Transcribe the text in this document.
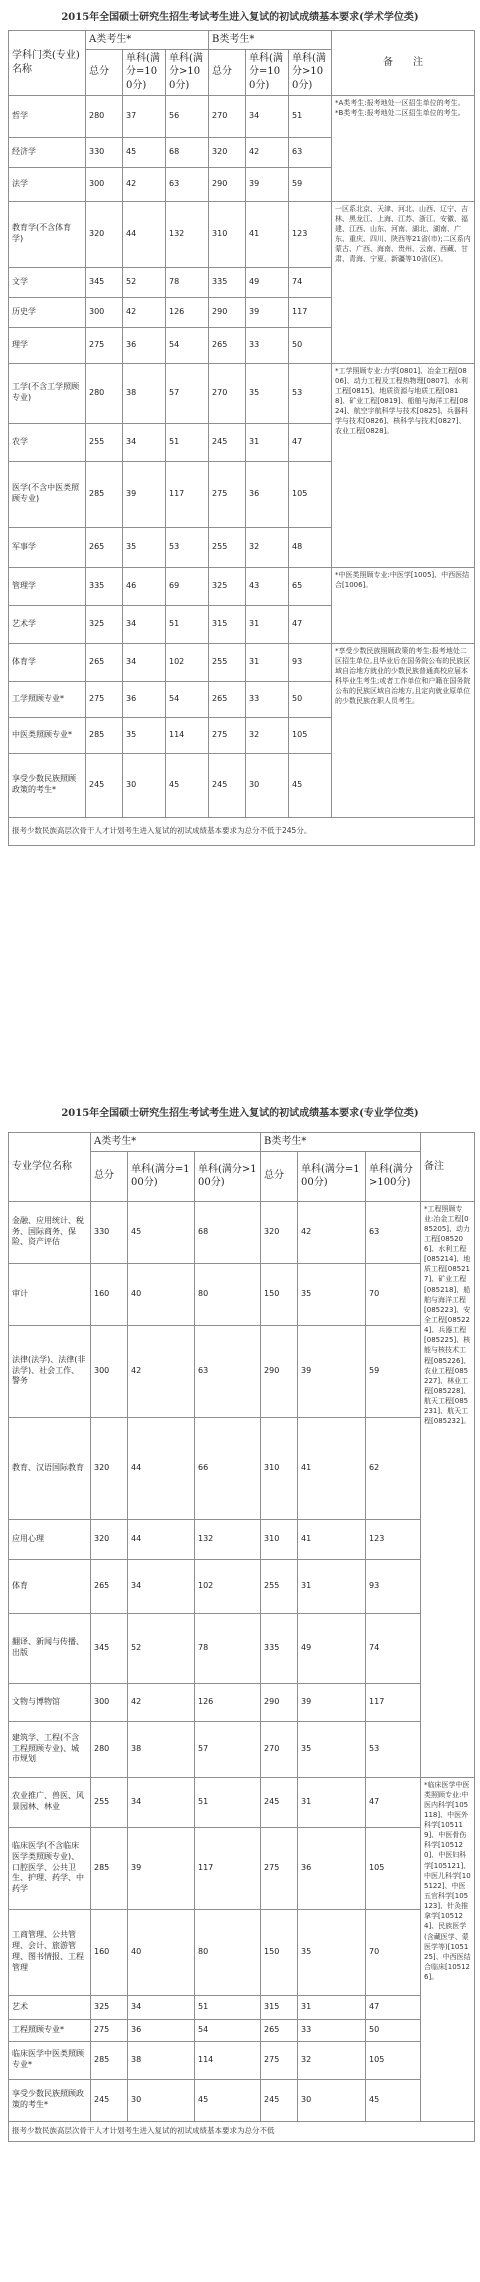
2015年全国硕士研究生招生考试考生进入复试的初试成绩基本要求(学术学位类)
学科门类(专业)名称	A类考生*			B类考生*			备　　注
	总分	单科(满分=100分)	单科(满分>100分)	总分	单科(满分=100分)	单科(满分>100分)	
哲学	280	37	56	270	34	51	*A类考生:报考地处一区招生单位的考生。
*B类考生:报考地处二区招生单位的考生。
经济学	330	45	68	320	42	63	
法学	300	42	63	290	39	59	
教育学(不含体育学)	320	44	132	310	41	123	一区系北京、天津、河北、山西、辽宁、吉林、黑龙江、上海、江苏、浙江、安徽、福建、江西、山东、河南、湖北、湖南、广东、重庆、四川、陕西等21省(市);二区系内蒙古、广西、海南、贵州、云南、西藏、甘肃、青海、宁夏、新疆等10省(区)。
文学	345	52	78	335	49	74	
历史学	300	42	126	290	39	117	
理学	275	36	54	265	33	50	
工学(不含工学照顾专业)	280	38	57	270	35	53	*工学照顾专业:力学[0801]、冶金工程[0806]、动力工程及工程热物理[0807]、水利工程[0815]、地质资源与地质工程[0818]、矿业工程[0819]、船舶与海洋工程[0824]、航空宇航科学与技术[0825]、兵器科学与技术[0826]、核科学与技术[0827]、农业工程[0828]。
农学	255	34	51	245	31	47	
医学(不含中医类照顾专业)	285	39	117	275	36	105	
军事学	265	35	53	255	32	48	
管理学	335	46	69	325	43	65	*中医类照顾专业:中医学[1005]、中西医结合[1006]。
艺术学	325	34	51	315	31	47	
体育学	265	34	102	255	31	93	*享受少数民族照顾政策的考生:报考地处二区招生单位,且毕业后在国务院公布的民族区域自治地方就业的少数民族普通高校应届本科毕业生考生;或者工作单位和户籍在国务院公布的民族区域自治地方,且定向就业原单位的少数民族在职人员考生。
工学照顾专业*	275	36	54	265	33	50	
中医类照顾专业*	285	35	114	275	32	105	
享受少数民族照顾政策的考生*	245	30	45	245	30	45	
报考少数民族高层次骨干人才计划考生进入复试的初试成绩基本要求为总分不低于245分。							
2015年全国硕士研究生招生考试考生进入复试的初试成绩基本要求(专业学位类)
专业学位名称	A类考生*			B类考生*			备注
	总分	单科(满分=100分)	单科(满分>100分)	总分	单科(满分=100分)	单科(满分>100分)	
金融、应用统计、税务、国际商务、保险、资产评估	330	45	68	320	42	63	*工程照顾专业:冶金工程[085205]、动力工程[085206]、水利工程[085214]、地质工程[085217]、矿业工程[085218]、船舶与海洋工程[085223]、安全工程[085224]、兵器工程[085225]、核能与核技术工程[085226]、农业工程[085227]、林业工程[085228]、航天工程[085231]、航天工程[085232]。
审计	160	40	80	150	35	70	
法律(法学)、法律(非法学)、社会工作、警务	300	42	63	290	39	59	
教育、汉语国际教育	320	44	66	310	41	62	
应用心理	320	44	132	310	41	123	
体育	265	34	102	255	31	93	
翻译、新闻与传播、出版	345	52	78	335	49	74	
文物与博物馆	300	42	126	290	39	117	
建筑学、工程(不含工程照顾专业)、城市规划	280	38	57	270	35	53	
农业推广、兽医、风景园林、林业	255	34	51	245	31	47	*临床医学中医类照顾专业:中医内科学[105118]、中医外科学[105119]、中医骨伤科学[105120]、中医妇科学[105121]、中医儿科学[105122]、中医五官科学[105123]、针灸推拿学[105124]、民族医学(含藏医学、蒙医学等)[105125]、中西医结合临床[105126]。
临床医学(不含临床医学类照顾专业)、口腔医学、公共卫生、护理、药学、中药学	285	39	117	275	36	105	
工商管理、公共管理、会计、旅游管理、图书情报、工程管理	160	40	80	150	35	70	
艺术	325	34	51	315	31	47	
工程照顾专业*	275	36	54	265	33	50	
临床医学中医类照顾专业*	285	38	114	275	32	105	
享受少数民族照顾政策的考生*	245	30	45	245	30	45	
报考少数民族高层次骨干人才计划考生进入复试的初试成绩基本要求为总分不低							
